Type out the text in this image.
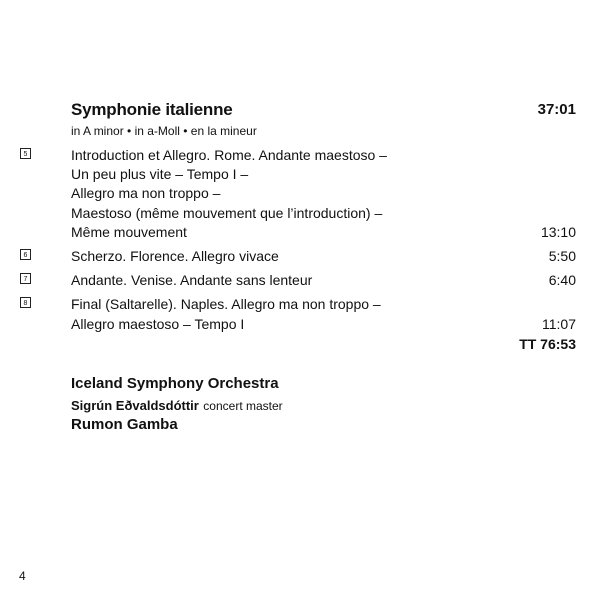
Symphonie italienne	37:01
in A minor • in a-Moll • en la mineur
5	Introduction et Allegro. Rome. Andante maestoso –
Un peu plus vite – Tempo I –
Allegro ma non troppo –
Maestoso (même mouvement que l’introduction) –
Même mouvement	13:10
6	Scherzo. Florence. Allegro vivace	5:50
7	Andante. Venise. Andante sans lenteur	6:40
8	Final (Saltarelle). Naples. Allegro ma non troppo –
Allegro maestoso – Tempo I	11:07
TT 76:53
Iceland Symphony Orchestra
Sigrún Eðvaldsdóttir concert master
Rumon Gamba
4
